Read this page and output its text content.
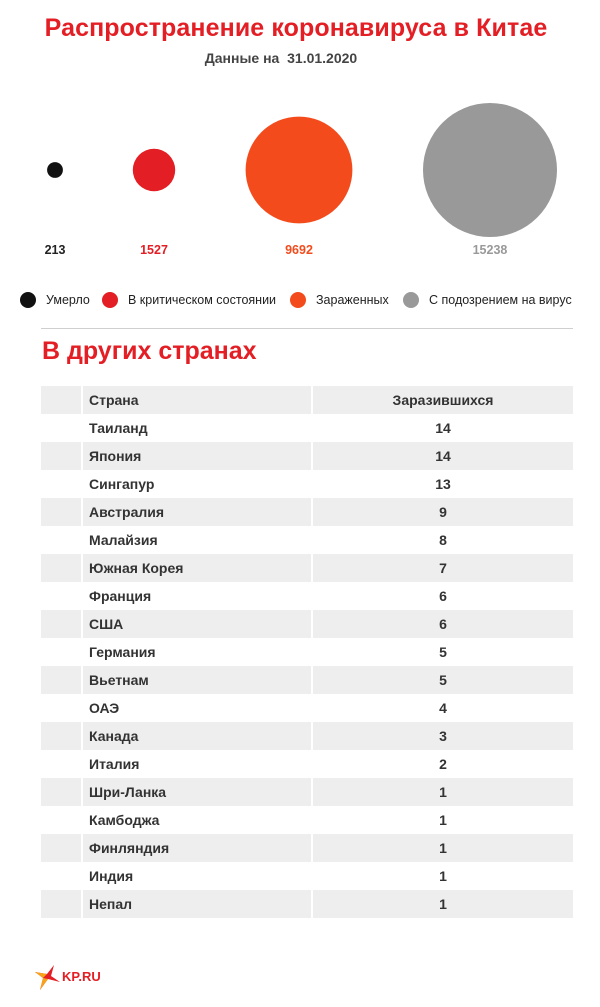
Распространение коронавируса в Китае
Данные на  31.01.2020
213	1527	9692	15238
Умерло	В критическом состоянии	Зараженных	С подозрением на вирус
В других странах
Страна	Заразившихся
Таиланд	14
Япония	14
Сингапур	13
Австралия	9
Малайзия	8
Южная Корея	7
Франция	6
США	6
Германия	5
Вьетнам	5
ОАЭ	4
Канада	3
Италия	2
Шри-Ланка	1
Камбоджа	1
Финляндия	1
Индия	1
Непал	1
KP.RU
